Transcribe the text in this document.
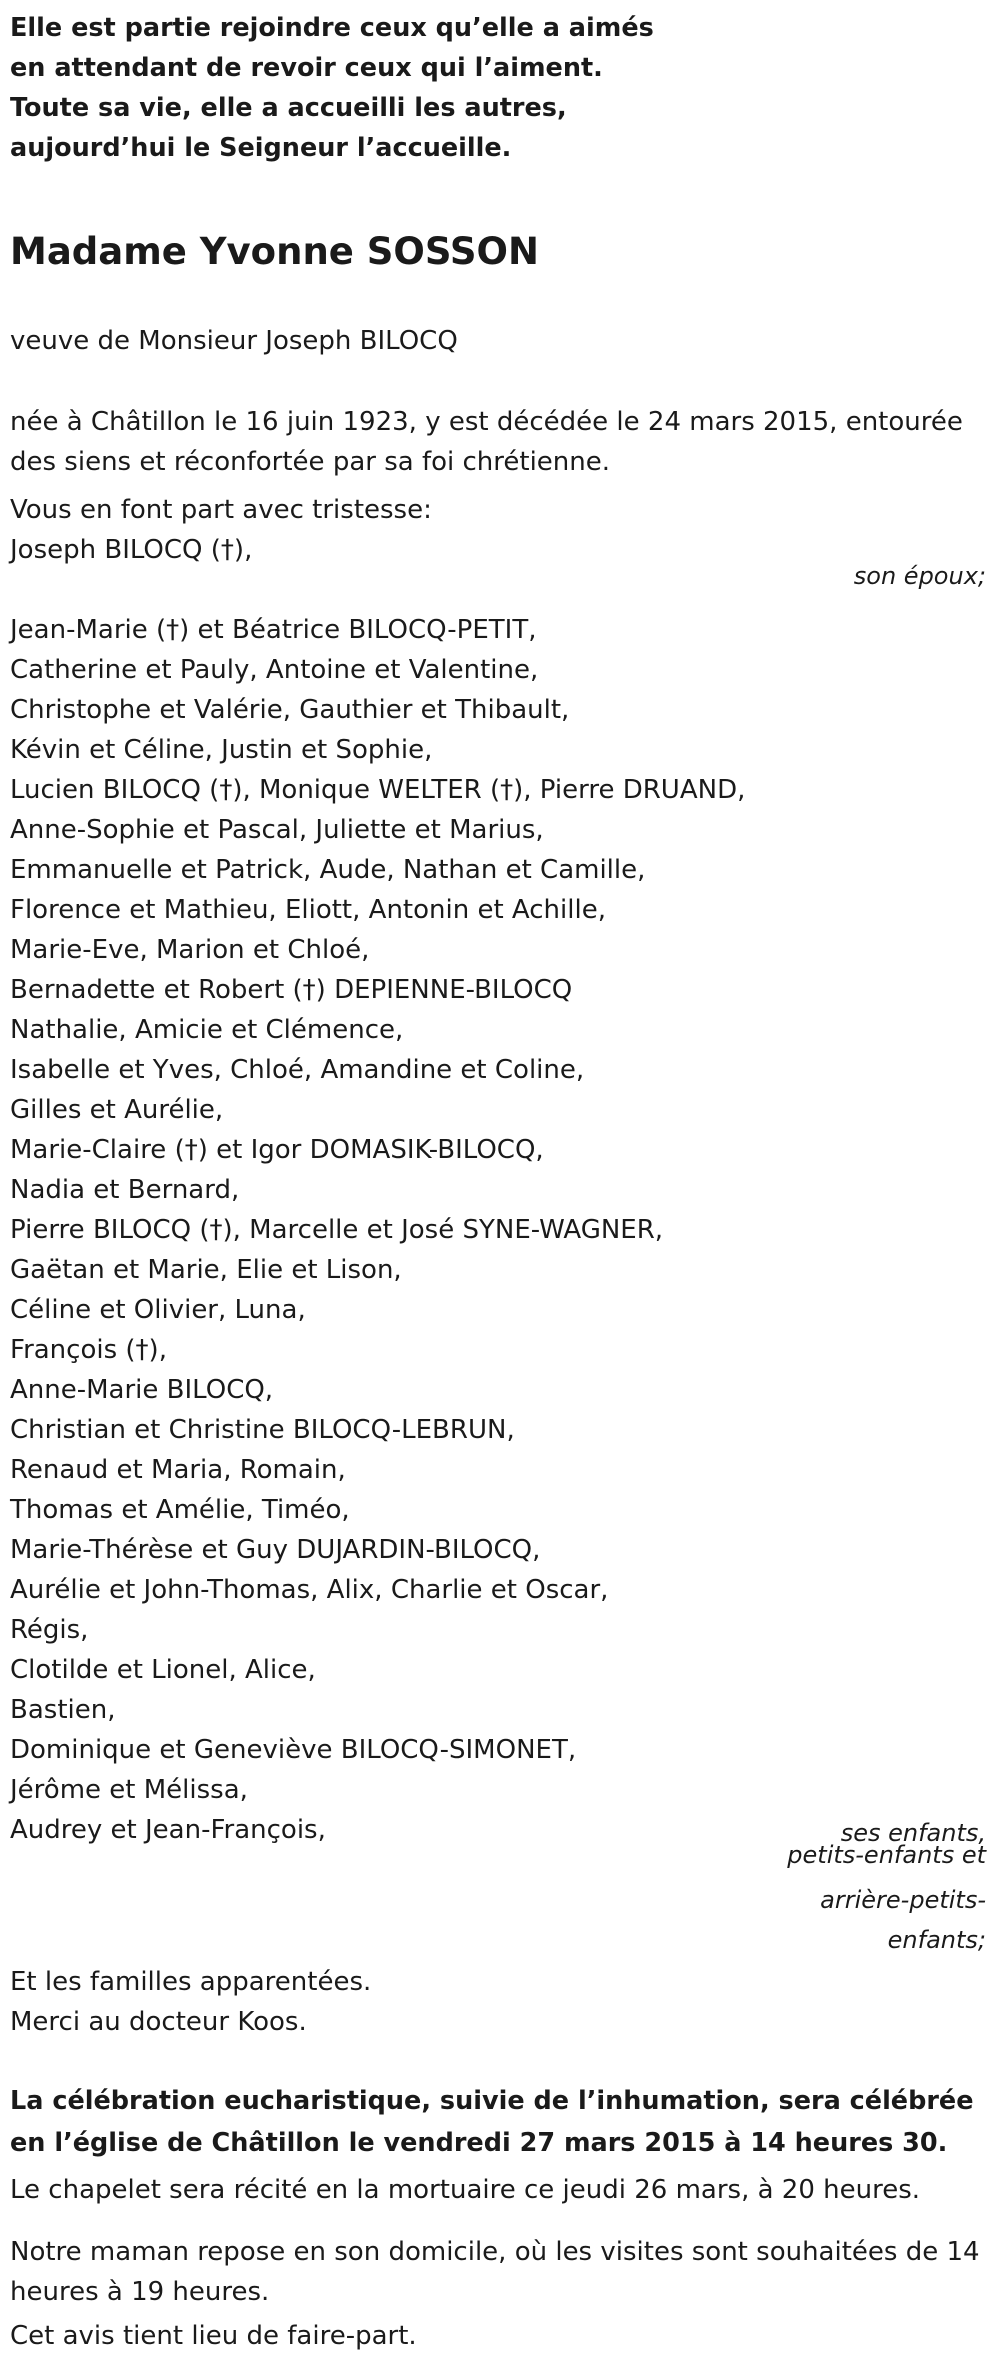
Elle est partie rejoindre ceux qu’elle a aimés
en attendant de revoir ceux qui l’aiment.
Toute sa vie, elle a accueilli les autres,
aujourd’hui le Seigneur l’accueille.
Madame Yvonne SOSSON
veuve de Monsieur Joseph BILOCQ
née à Châtillon le 16 juin 1923, y est décédée le 24 mars 2015, entourée des siens et réconfortée par sa foi chrétienne.
Vous en font part avec tristesse:
Joseph BILOCQ (†),
Jean-Marie (†) et Béatrice BILOCQ-PETIT,
Catherine et Pauly, Antoine et Valentine,
Christophe et Valérie, Gauthier et Thibault,
Kévin et Céline, Justin et Sophie,
Lucien BILOCQ (†), Monique WELTER (†), Pierre DRUAND,
Anne-Sophie et Pascal, Juliette et Marius,
Emmanuelle et Patrick, Aude, Nathan et Camille,
Florence et Mathieu, Eliott, Antonin et Achille,
Marie-Eve, Marion et Chloé,
Bernadette et Robert (†) DEPIENNE-BILOCQ
Nathalie, Amicie et Clémence,
Isabelle et Yves, Chloé, Amandine et Coline,
Gilles et Aurélie,
Marie-Claire (†) et Igor DOMASIK-BILOCQ,
Nadia et Bernard,
Pierre BILOCQ (†), Marcelle et José SYNE-WAGNER,
Gaëtan et Marie, Elie et Lison,
Céline et Olivier, Luna,
François (†),
Anne-Marie BILOCQ,
Christian et Christine BILOCQ-LEBRUN,
Renaud et Maria, Romain,
Thomas et Amélie, Timéo,
Marie-Thérèse et Guy DUJARDIN-BILOCQ,
Aurélie et John-Thomas, Alix, Charlie et Oscar,
Régis,
Clotilde et Lionel, Alice,
Bastien,
Dominique et Geneviève BILOCQ-SIMONET,
Jérôme et Mélissa,
Audrey et Jean-François,
son époux;
ses enfants,
petits-enfants et
arrière-petits-
enfants;
Et les familles apparentées.
Merci au docteur Koos.
La célébration eucharistique, suivie de l’inhumation, sera célébrée en l’église de Châtillon le vendredi 27 mars 2015 à 14 heures 30.
Le chapelet sera récité en la mortuaire ce jeudi 26 mars, à 20 heures.
Notre maman repose en son domicile, où les visites sont souhaitées de 14 heures à 19 heures.
Cet avis tient lieu de faire-part.
